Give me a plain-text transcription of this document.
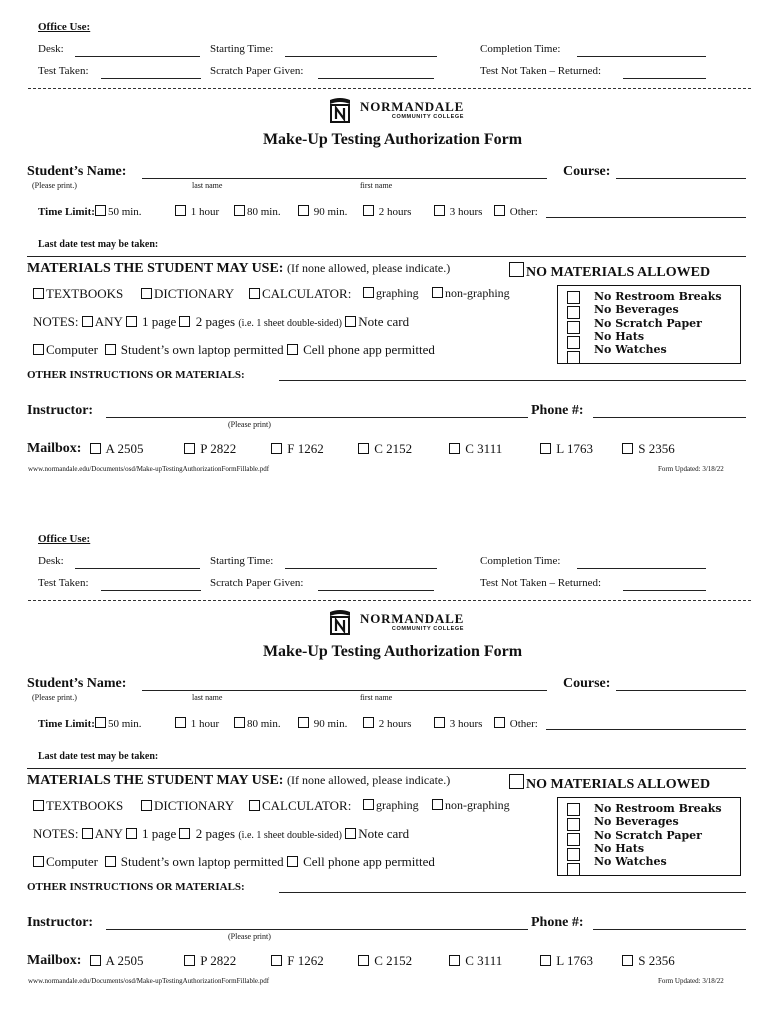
Office Use:
Desk:	Starting Time:	Completion Time:
Test Taken:	Scratch Paper Given:	Test Not Taken – Returned:
NORMANDALE
COMMUNITY COLLEGE
Make-Up Testing Authorization Form
Student’s Name:
(Please print.)	last name	first name
Course:
Time Limit: 50 min.	1 hour	80 min.	90 min.	2 hours	3 hours	Other:
Last date test may be taken:
MATERIALS THE STUDENT MAY USE: (If none allowed, please indicate.)	NO MATERIALS ALLOWED
TEXTBOOKS	DICTIONARY	CALCULATOR:	graphing	non-graphing
NOTES: ANY 1 page 2 pages (i.e. 1 sheet double-sided) Note card
Computer Student’s own laptop permitted Cell phone app permitted
No Restroom Breaks
No Beverages
No Scratch Paper
No Hats
No Watches
OTHER INSTRUCTIONS OR MATERIALS:
Instructor:
(Please print)
Phone #:
Mailbox:	A 2505	P 2822	F 1262	C 2152	C 3111	L 1763	S 2356
www.normandale.edu/Documents/osd/Make-upTestingAuthorizationFormFillable.pdf	Form Updated: 3/18/22
Office Use:
Desk:	Starting Time:	Completion Time:
Test Taken:	Scratch Paper Given:	Test Not Taken – Returned:
NORMANDALE
COMMUNITY COLLEGE
Make-Up Testing Authorization Form
Student’s Name:
(Please print.)	last name	first name
Course:
Time Limit: 50 min.	1 hour	80 min.	90 min.	2 hours	3 hours	Other:
Last date test may be taken:
MATERIALS THE STUDENT MAY USE: (If none allowed, please indicate.)	NO MATERIALS ALLOWED
TEXTBOOKS	DICTIONARY	CALCULATOR:	graphing	non-graphing
NOTES: ANY 1 page 2 pages (i.e. 1 sheet double-sided) Note card
Computer Student’s own laptop permitted Cell phone app permitted
No Restroom Breaks
No Beverages
No Scratch Paper
No Hats
No Watches
OTHER INSTRUCTIONS OR MATERIALS:
Instructor:
(Please print)
Phone #:
Mailbox:	A 2505	P 2822	F 1262	C 2152	C 3111	L 1763	S 2356
www.normandale.edu/Documents/osd/Make-upTestingAuthorizationFormFillable.pdf	Form Updated: 3/18/22
